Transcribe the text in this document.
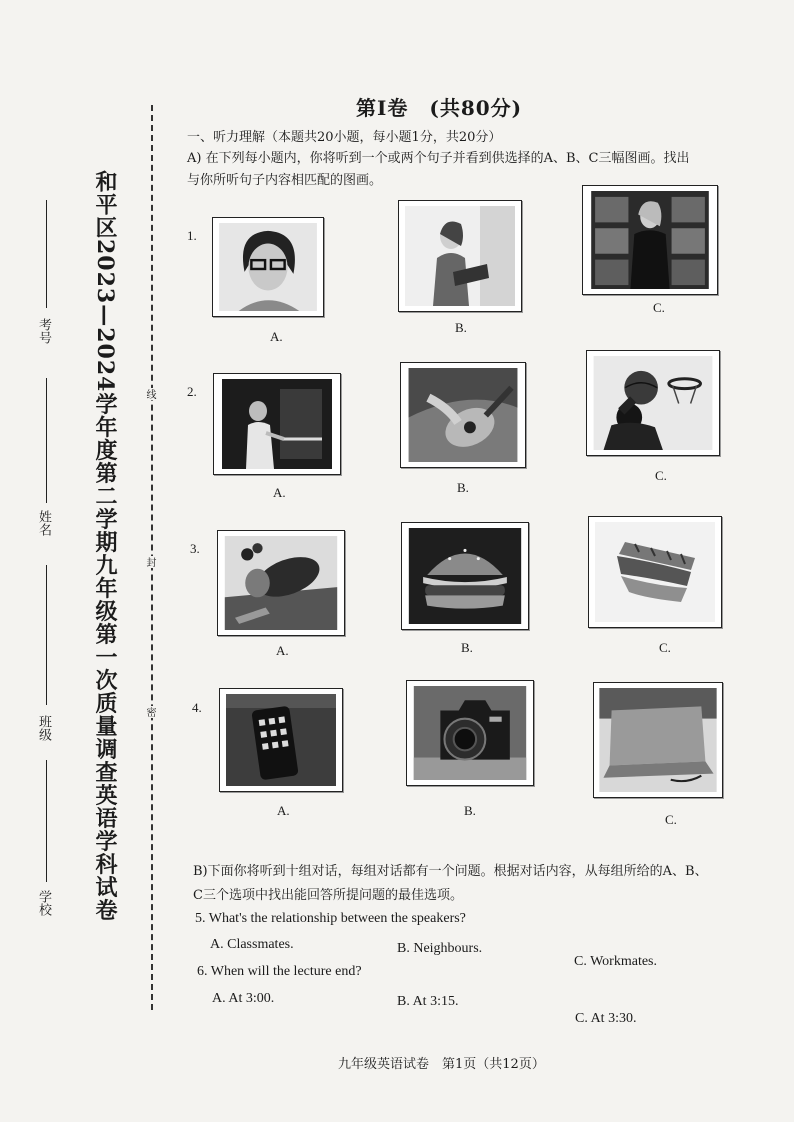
和平区2023—2024学年度第二学期九年级第一次质量调查英语学科试卷
考号
姓名
班级
学校
线
封
密
第Ⅰ卷　(共80分)
一、听力理解（本题共20小题，每小题1分，共20分）
A) 在下列每小题内，你将听到一个或两个句子并看到供选择的A、B、C三幅图画。找出
与你所听句子内容相匹配的图画。
1.
A.
B.
C.
2.
A.	B.
C.
3.
A.	B.	C.
4.
A.	B.
C.
B)下面你将听到十组对话，每组对话都有一个问题。根据对话内容，从每组所给的A、B、
C三个选项中找出能回答所提问题的最佳选项。
5. What's the relationship between the speakers?
A. Classmates.	B. Neighbours.
C. Workmates.
6. When will the lecture end?
A. At 3:00.	B. At 3:15.
C. At 3:30.
九年级英语试卷　第1页（共12页）
